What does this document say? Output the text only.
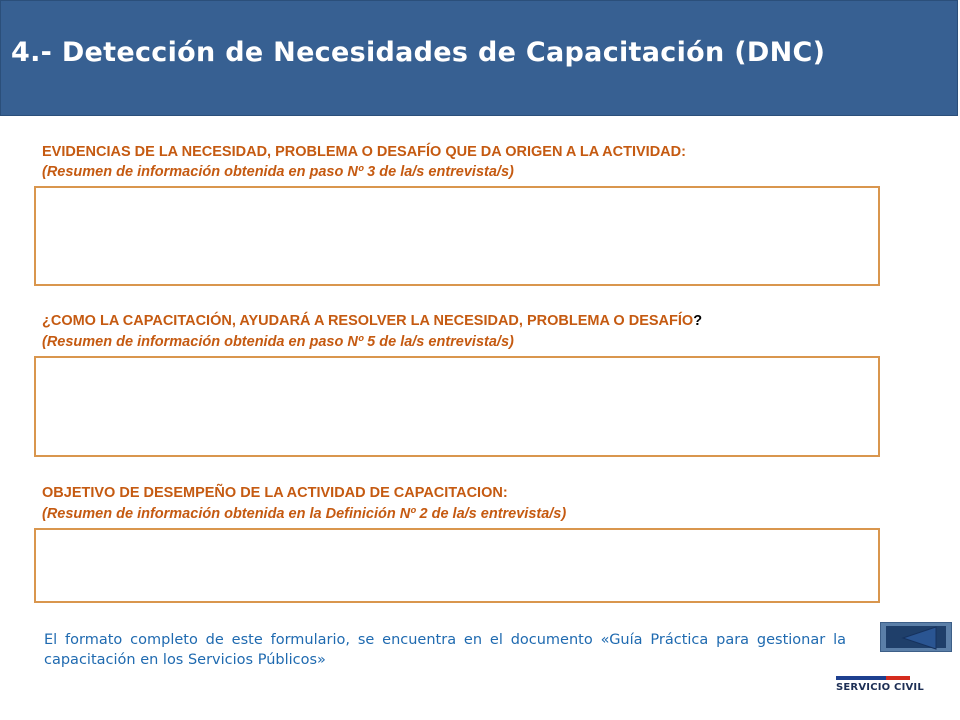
4.- Detección de Necesidades de Capacitación (DNC)
EVIDENCIAS DE LA NECESIDAD, PROBLEMA O DESAFÍO QUE DA ORIGEN A LA ACTIVIDAD:
(Resumen de información obtenida en paso Nº 3 de la/s entrevista/s)
¿COMO LA CAPACITACIÓN, AYUDARÁ A RESOLVER LA NECESIDAD, PROBLEMA O DESAFÍO?
(Resumen de información obtenida en paso Nº 5 de la/s entrevista/s)
OBJETIVO DE DESEMPEÑO DE LA ACTIVIDAD DE CAPACITACION:
(Resumen de información obtenida en la Definición Nº 2 de la/s entrevista/s)
El formato completo de este formulario, se encuentra en el documento «Guía Práctica para gestionar la capacitación en los Servicios Públicos»
SERVICIO CIVIL
